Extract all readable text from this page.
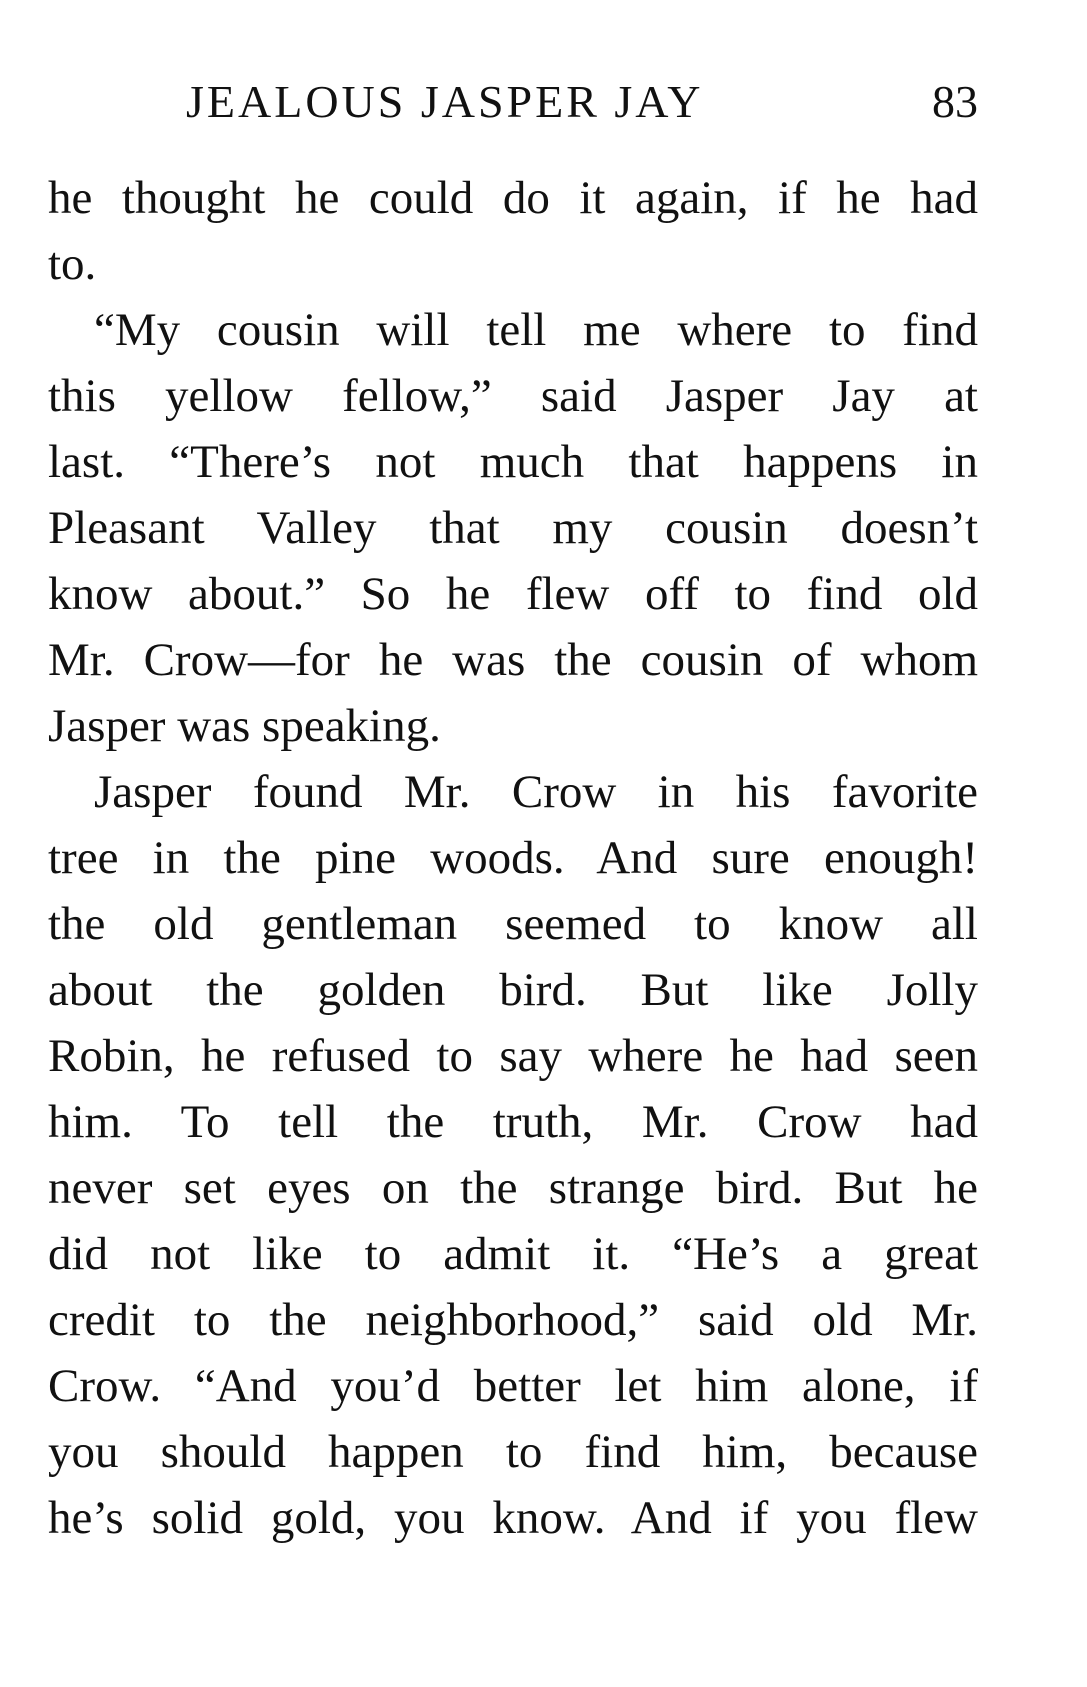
JEALOUS JASPER JAY	83
he thought he could do it again, if he had
to.
“My cousin will tell me where to find
this yellow fellow,” said Jasper Jay at
last. “There’s not much that happens in
Pleasant Valley that my cousin doesn’t
know about.” So he flew off to find old
Mr. Crow—for he was the cousin of whom
Jasper was speaking.
Jasper found Mr. Crow in his favorite
tree in the pine woods. And sure enough!
the old gentleman seemed to know all
about the golden bird. But like Jolly
Robin, he refused to say where he had seen
him. To tell the truth, Mr. Crow had
never set eyes on the strange bird. But he
did not like to admit it. “He’s a great
credit to the neighborhood,” said old Mr.
Crow. “And you’d better let him alone, if
you should happen to find him, because
he’s solid gold, you know. And if you flew
